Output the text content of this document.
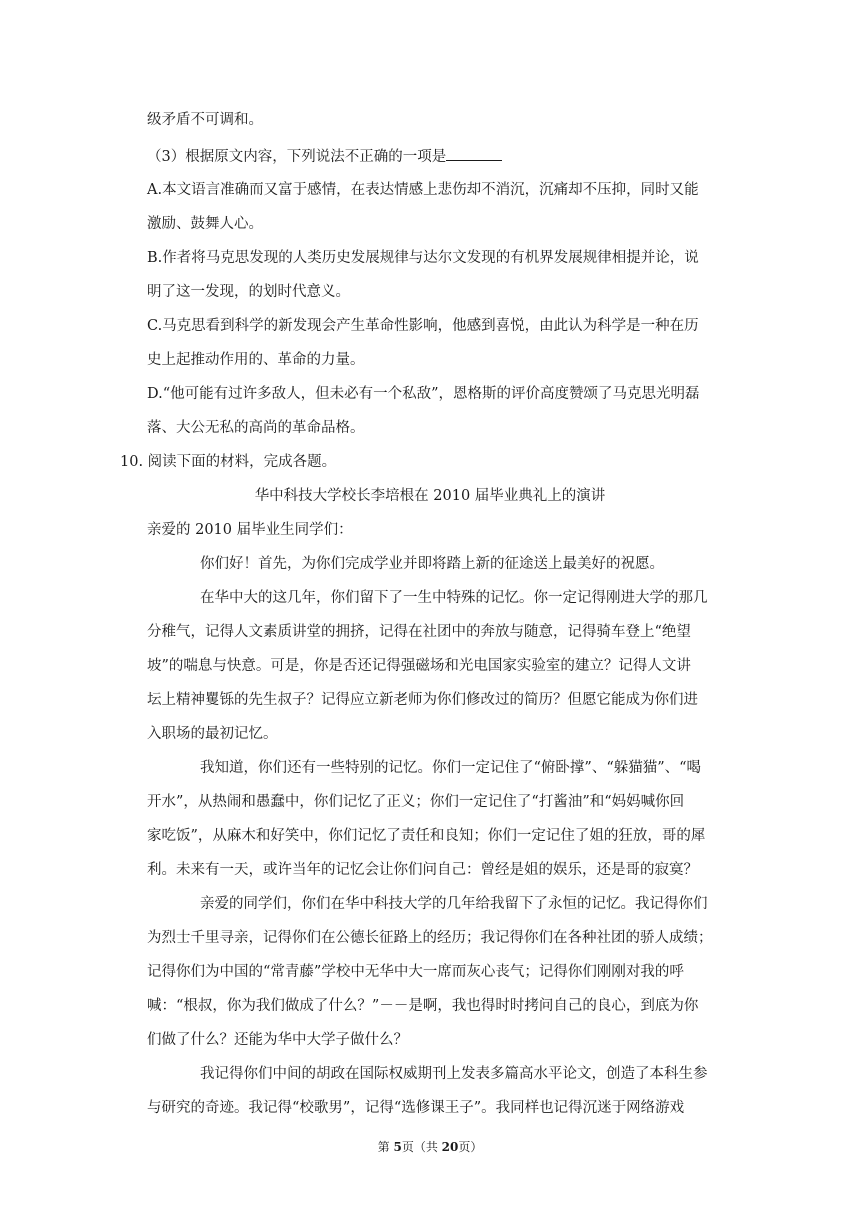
级矛盾不可调和。
（3）根据原文内容，下列说法不正确的一项是
A.本文语言准确而又富于感情，在表达情感上悲伤却不消沉，沉痛却不压抑，同时又能
激励、鼓舞人心。
B.作者将马克思发现的人类历史发展规律与达尔文发现的有机界发展规律相提并论，说
明了这一发现，的划时代意义。
C.马克思看到科学的新发现会产生革命性影响，他感到喜悦，由此认为科学是一种在历
史上起推动作用的、革命的力量。
D.“他可能有过许多敌人，但未必有一个私敌”，恩格斯的评价高度赞颂了马克思光明磊
落、大公无私的高尚的革命品格。
10. 阅读下面的材料，完成各题。
华中科技大学校长李培根在 2010 届毕业典礼上的演讲
亲爱的 2010 届毕业生同学们：
你们好！首先，为你们完成学业并即将踏上新的征途送上最美好的祝愿。
在华中大的这几年，你们留下了一生中特殊的记忆。你一定记得刚进大学的那几
分稚气，记得人文素质讲堂的拥挤，记得在社团中的奔放与随意，记得骑车登上“绝望
坡”的喘息与快意。可是，你是否还记得强磁场和光电国家实验室的建立？记得人文讲
坛上精神矍铄的先生叔子？记得应立新老师为你们修改过的简历？但愿它能成为你们进
入职场的最初记忆。
我知道，你们还有一些特别的记忆。你们一定记住了“俯卧撑”、“躲猫猫”、“喝
开水”，从热闹和愚蠢中，你们记忆了正义；你们一定记住了“打酱油”和“妈妈喊你回
家吃饭”，从麻木和好笑中，你们记忆了责任和良知；你们一定记住了姐的狂放，哥的犀
利。未来有一天，或许当年的记忆会让你们问自己：曾经是姐的娱乐，还是哥的寂寞？
亲爱的同学们，你们在华中科技大学的几年给我留下了永恒的记忆。我记得你们
为烈士千里寻亲，记得你们在公德长征路上的经历；我记得你们在各种社团的骄人成绩；
记得你们为中国的“常青藤”学校中无华中大一席而灰心丧气；记得你们刚刚对我的呼
喊：“根叔，你为我们做成了什么？”－－是啊，我也得时时拷问自己的良心，到底为你
们做了什么？还能为华中大学子做什么？
我记得你们中间的胡政在国际权威期刊上发表多篇高水平论文，创造了本科生参
与研究的奇迹。我记得“校歌男”，记得“选修课王子”。我同样也记得沉迷于网络游戏
第 5页（共 20页）
